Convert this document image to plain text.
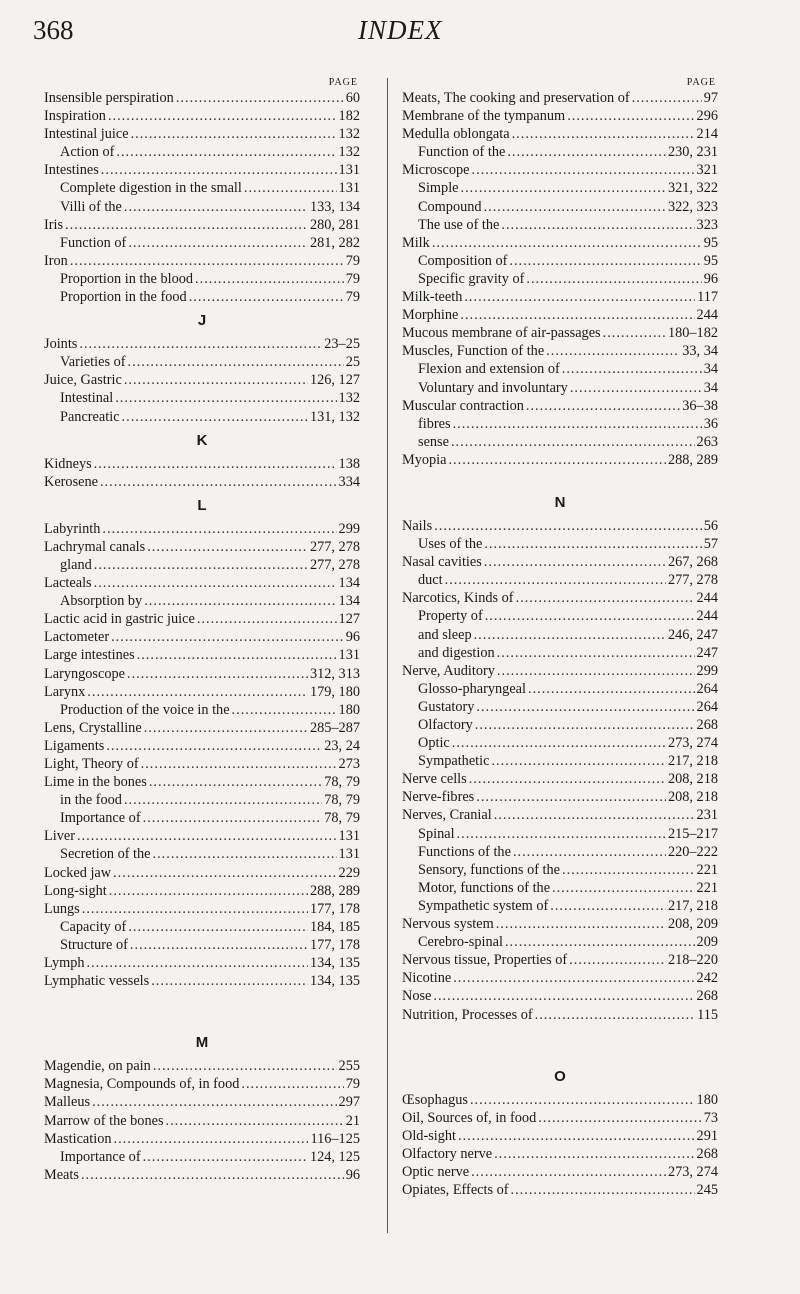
368	INDEX
PAGE
Insensible perspiration .....	60
Inspiration .....	182
Intestinal juice .....	132
Action of .....	132
Intestines .....	131
Complete digestion in the small .....	131
Villi of the .....	133, 134
Iris .....	280, 281
Function of .....	281, 282
Iron .....	79
Proportion in the blood .....	79
Proportion in the food .....	79
J
Joints .....	23–25
Varieties of .....	25
Juice, Gastric .....	126, 127
Intestinal .....	132
Pancreatic .....	131, 132
K
Kidneys .....	138
Kerosene .....	334
L
Labyrinth .....	299
Lachrymal canals .....	277, 278
gland .....	277, 278
Lacteals .....	134
Absorption by .....	134
Lactic acid in gastric juice .....	127
Lactometer .....	96
Large intestines .....	131
Laryngoscope .....	312, 313
Larynx .....	179, 180
Production of the voice in the .....	180
Lens, Crystalline .....	285–287
Ligaments .....	23, 24
Light, Theory of .....	273
Lime in the bones .....	78, 79
in the food .....	78, 79
Importance of .....	78, 79
Liver .....	131
Secretion of the .....	131
Locked jaw .....	229
Long-sight .....	288, 289
Lungs .....	177, 178
Capacity of .....	184, 185
Structure of .....	177, 178
Lymph .....	134, 135
Lymphatic vessels .....	134, 135
M
Magendie, on pain .....	255
Magnesia, Compounds of, in food .....	79
Malleus .....	297
Marrow of the bones .....	21
Mastication .....	116–125
Importance of .....	124, 125
Meats .....	96
PAGE
Meats, The cooking and preservation of .....	97
Membrane of the tympanum .....	296
Medulla oblongata .....	214
Function of the .....	230, 231
Microscope .....	321
Simple .....	321, 322
Compound .....	322, 323
The use of the .....	323
Milk .....	95
Composition of .....	95
Specific gravity of .....	96
Milk-teeth .....	117
Morphine .....	244
Mucous membrane of air-passages .....	180–182
Muscles, Function of the .....	33, 34
Flexion and extension of .....	34
Voluntary and involuntary .....	34
Muscular contraction .....	36–38
fibres .....	36
sense .....	263
Myopia .....	288, 289
N
Nails .....	56
Uses of the .....	57
Nasal cavities .....	267, 268
duct .....	277, 278
Narcotics, Kinds of .....	244
Property of .....	244
and sleep .....	246, 247
and digestion .....	247
Nerve, Auditory .....	299
Glosso-pharyngeal .....	264
Gustatory .....	264
Olfactory .....	268
Optic .....	273, 274
Sympathetic .....	217, 218
Nerve cells .....	208, 218
Nerve-fibres .....	208, 218
Nerves, Cranial .....	231
Spinal .....	215–217
Functions of the .....	220–222
Sensory, functions of the .....	221
Motor, functions of the .....	221
Sympathetic system of .....	217, 218
Nervous system .....	208, 209
Cerebro-spinal .....	209
Nervous tissue, Properties of .....	218–220
Nicotine .....	242
Nose .....	268
Nutrition, Processes of .....	115
O
Œsophagus .....	180
Oil, Sources of, in food .....	73
Old-sight .....	291
Olfactory nerve .....	268
Optic nerve .....	273, 274
Opiates, Effects of .....	245
